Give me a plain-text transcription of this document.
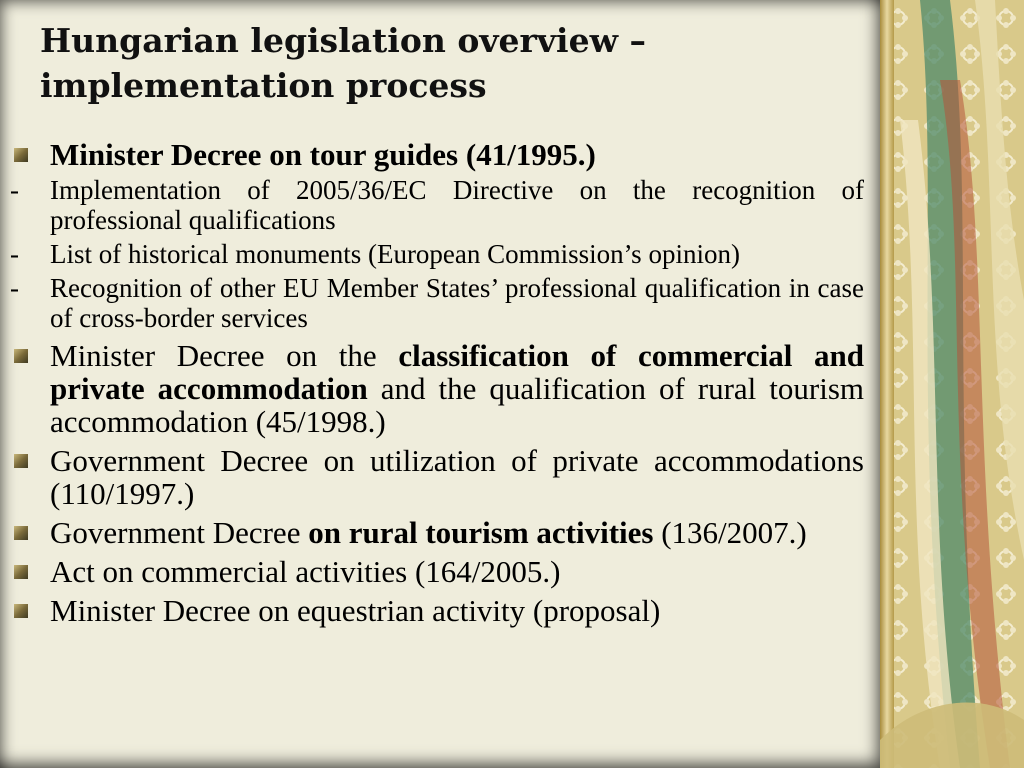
Hungarian legislation overview – implementation process

Minister Decree on tour guides (41/1995.)

- Implementation of 2005/36/EC Directive on the recognition of professional qualifications

- List of historical monuments (European Commission’s opinion)

- Recognition of other EU Member States’ professional qualification in case of cross-border services

Minister Decree on the classification of commercial and private accommodation and the qualification of rural tourism accommodation (45/1998.)

Government Decree on utilization of private accommodations (110/1997.)

Government Decree on rural tourism activities (136/2007.)

Act on commercial activities (164/2005.)

Minister Decree on equestrian activity (proposal)
